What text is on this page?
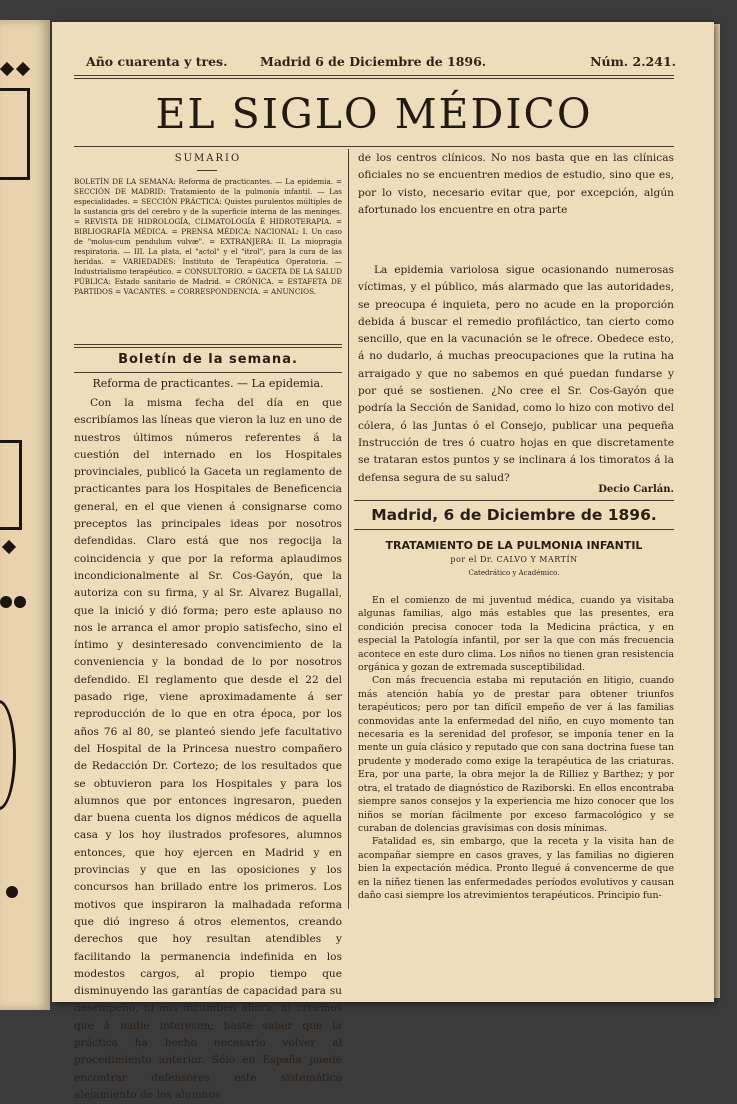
Año cuarenta y tres.	Madrid 6 de Diciembre de 1896.	Núm. 2.241.
EL SIGLO MÉDICO
SUMARIO
BOLETÍN DE LA SEMANA: Reforma de practicantes. — La epidemia. = SECCIÓN DE MADRID: Tratamiento de la pulmonía infantil. — Las especialidades. = SECCIÓN PRÁCTICA: Quistes purulentos múltiples de la sustancia gris del cerebro y de la superficie interna de las meninges. = REVISTA DE HIDROLOGÍA, CLIMATOLOGÍA É HIDROTERAPIA. = BIBLIOGRAFÍA MÉDICA. = PRENSA MÉDICA: NACIONAL: I. Un caso de "molus-cum pendulum vulvæ". = EXTRANJERA: II. La miopragia respiratoria. — III. La plata, el "actol" y el "itrol", para la cura de las heridas. = VARIEDADES: Instituto de Terapéutica Operatoria. — Industrialismo terapéutico. = CONSULTORIO. = GACETA DE LA SALUD PÚBLICA: Estado sanitario de Madrid. = CRÓNICA. = ESTAFETA DE PARTIDOS = VACANTES. = CORRESPONDENCIA. = ANUNCIOS.
Boletín de la semana.
Reforma de practicantes. — La epidemia.

Con la misma fecha del día en que escribíamos las líneas que vieron la luz en uno de nuestros últimos números referentes á la cuestión del internado en los Hospitales provinciales, publicó la Gaceta un reglamento de practicantes para los Hospitales de Beneficencia general, en el que vienen á consignarse como preceptos las principales ideas por nosotros defendidas. Claro está que nos regocija la coincidencia y que por la reforma aplaudimos incondicionalmente al Sr. Cos-Gayón, que la autoriza con su firma, y al Sr. Alvarez Bugallal, que la inició y dió forma; pero este aplauso no nos le arranca el amor propio satisfecho, sino el íntimo y desinteresado convencimiento de la conveniencia y la bondad de lo por nosotros defendido. El reglamento que desde el 22 del pasado rige, viene aproximadamente á ser reproducción de lo que en otra época, por los años 76 al 80, se planteó siendo jefe facultativo del Hospital de la Princesa nuestro compañero de Redacción Dr. Cortezo; de los resultados que se obtuvieron para los Hospitales y para los alumnos que por entonces ingresaron, pueden dar buena cuenta los dignos médicos de aquella casa y los hoy ilustrados profesores, alumnos entonces, que hoy ejercen en Madrid y en provincias y que en las oposiciones y los concursos han brillado entre los primeros. Los motivos que inspiraron la malhadada reforma que dió ingreso á otros elementos, creando derechos que hoy resultan atendibles y facilitando la permanencia indefinida en los modestos cargos, al propio tiempo que disminuyendo las garantías de capacidad para su desempeño, ni nos incumben ahora, ni creemos que á nadie interesen; baste saber que la práctica ha hecho necesario volver al procedimiento anterior. Sólo en España puede encontrar defensores este sistemático alejamiento de los alumnos

de los centros clínicos. No nos basta que en las clínicas oficiales no se encuentren medios de estudio, sino que es, por lo visto, necesario evitar que, por excepción, algún afortunado los encuentre en otra parte

La epidemia variolosa sigue ocasionando numerosas víctimas, y el público, más alarmado que las autoridades, se preocupa é inquieta, pero no acude en la proporción debida á buscar el remedio profiláctico, tan cierto como sencillo, que en la vacunación se le ofrece. Obedece esto, á no dudarlo, á muchas preocupaciones que la rutina ha arraigado y que no sabemos en qué puedan fundarse y por qué se sostienen. ¿No cree el Sr. Cos-Gayón que podría la Sección de Sanidad, como lo hizo con motivo del cólera, ó las Juntas ó el Consejo, publicar una pequeña Instrucción de tres ó cuatro hojas en que discretamente se trataran estos puntos y se inclinara á los timoratos á la defensa segura de su salud?

Decio Carlán.
Madrid, 6 de Diciembre de 1896.
TRATAMIENTO DE LA PULMONIA INFANTIL
por el Dr. CALVO Y MARTÍN
Catedrático y Académico.

En el comienzo de mi juventud médica, cuando ya visitaba algunas familias, algo más estables que las presentes, era condición precisa conocer toda la Medicina práctica, y en especial la Patología infantil, por ser la que con más frecuencia acontece en este duro clima. Los niños no tienen gran resistencia orgánica y gozan de extremada susceptibilidad.

Con más frecuencia estaba mi reputación en litigio, cuando más atención había yo de prestar para obtener triunfos terapéuticos; pero por tan difícil empeño de ver á las familias conmovidas ante la enfermedad del niño, en cuyo momento tan necesaria es la serenidad del profesor, se imponía tener en la mente un guía clásico y reputado que con sana doctrina fuese tan prudente y moderado como exige la terapéutica de las criaturas. Era, por una parte, la obra mejor la de Rilliez y Barthez; y por otra, el tratado de diagnóstico de Raziborski. En ellos encontraba siempre sanos consejos y la experiencia me hizo conocer que los niños se morían fácilmente por exceso farmacológico y se curaban de dolencias gravísimas con dosis mínimas.

Fatalidad es, sin embargo, que la receta y la visita han de acompañar siempre en casos graves, y las familias no digieren bien la expectación médica. Pronto llegué á convencerme de que en la niñez tienen las enfermedades períodos evolutivos y causan daño casi siempre los atrevimientos terapéuticos. Principio fun-
